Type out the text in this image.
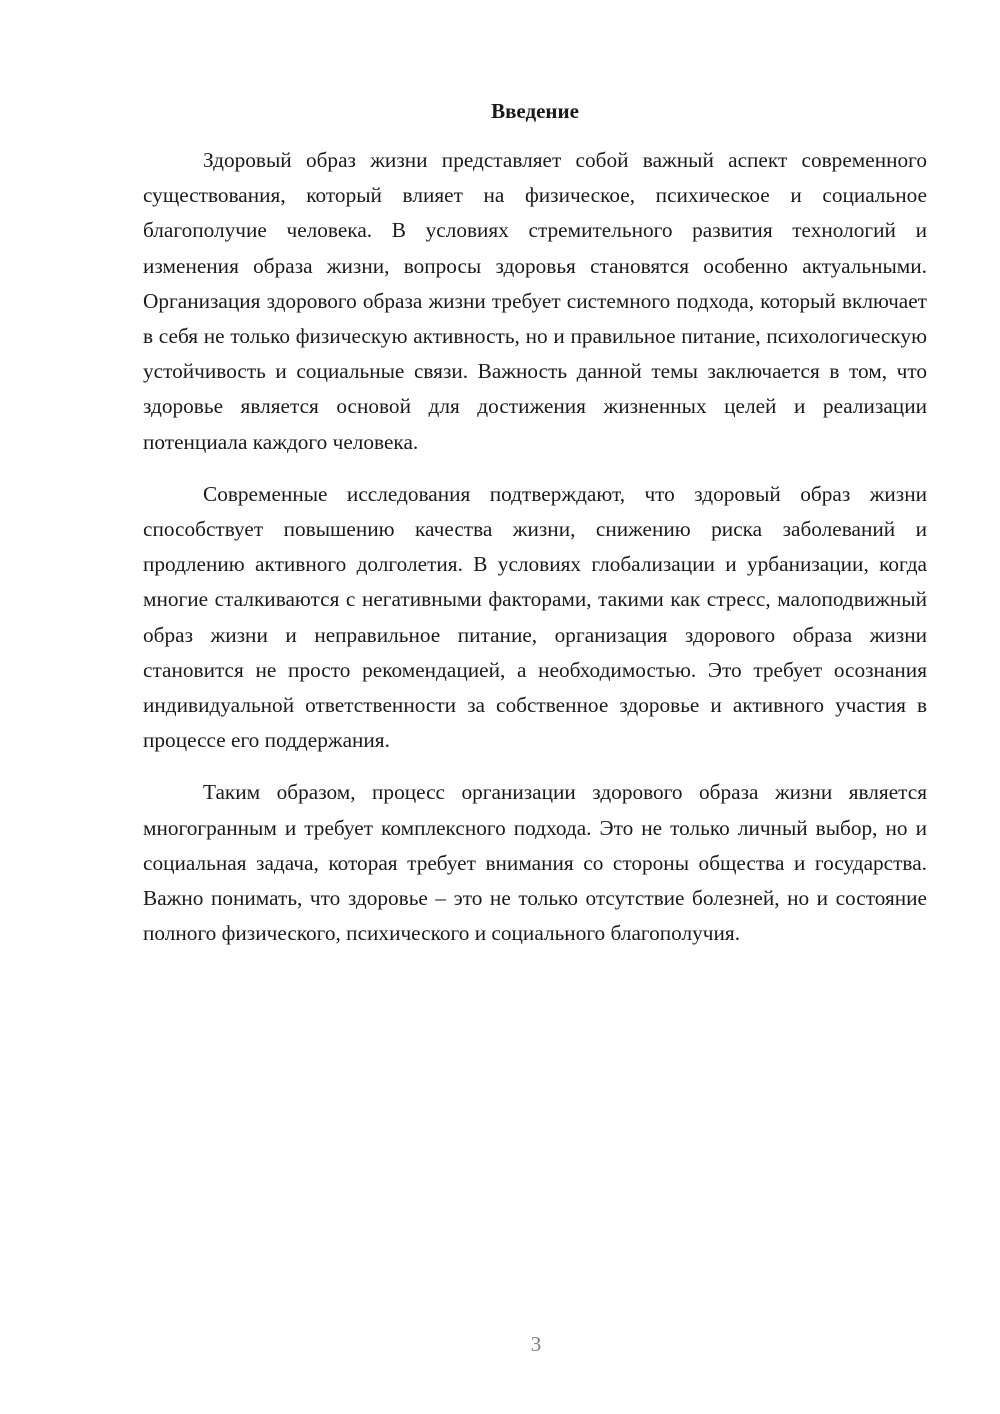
Введение

Здоровый образ жизни представляет собой важный аспект современного существования, который влияет на физическое, психическое и социальное благополучие человека. В условиях стремительного развития технологий и изменения образа жизни, вопросы здоровья становятся особенно актуальными. Организация здорового образа жизни требует системного подхода, который включает в себя не только физическую активность, но и правильное питание, психологическую устойчивость и социальные связи. Важность данной темы заключается в том, что здоровье является основой для достижения жизненных целей и реализации потенциала каждого человека.

Современные исследования подтверждают, что здоровый образ жизни способствует повышению качества жизни, снижению риска заболеваний и продлению активного долголетия. В условиях глобализации и урбанизации, когда многие сталкиваются с негативными факторами, такими как стресс, малоподвижный образ жизни и неправильное питание, организация здорового образа жизни становится не просто рекомендацией, а необходимостью. Это требует осознания индивидуальной ответственности за собственное здоровье и активного участия в процессе его поддержания.

Таким образом, процесс организации здорового образа жизни является многогранным и требует комплексного подхода. Это не только личный выбор, но и социальная задача, которая требует внимания со стороны общества и государства. Важно понимать, что здоровье – это не только отсутствие болезней, но и состояние полного физического, психического и социального благополучия.

3
